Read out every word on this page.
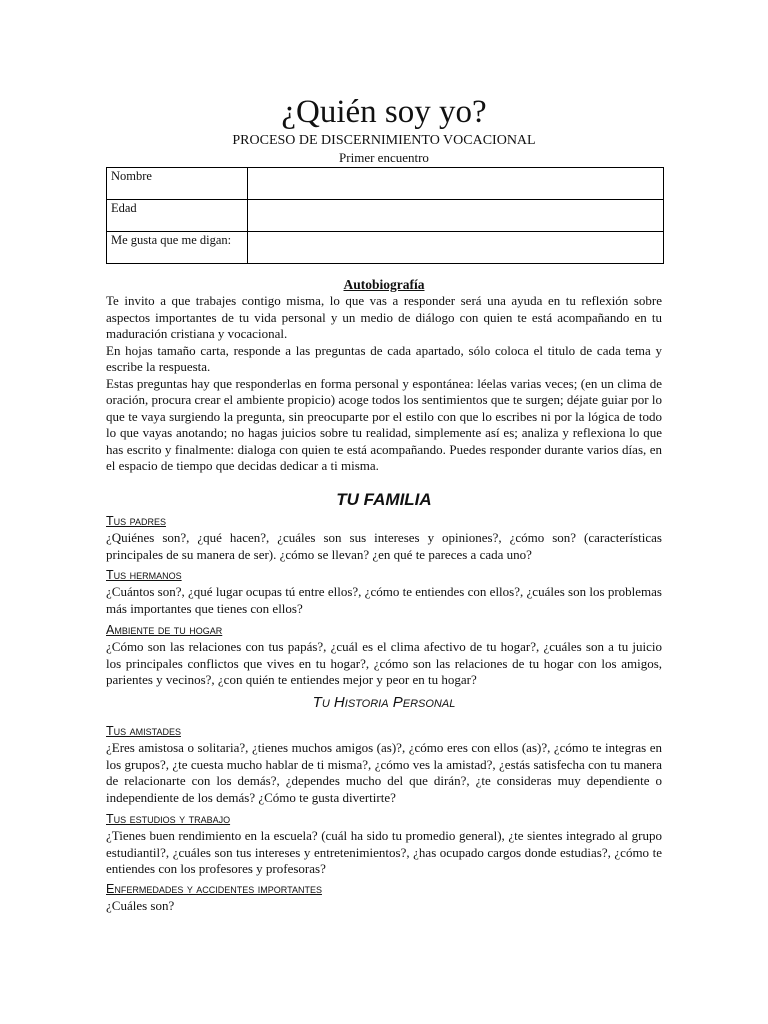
¿Quién soy yo?
PROCESO DE DISCERNIMIENTO VOCACIONAL
Primer encuentro
Nombre	
Edad	
Me gusta que me digan:	
Autobiografía

Te invito a que trabajes contigo misma, lo que vas a responder será una ayuda en tu reflexión sobre aspectos importantes de tu vida personal y un medio de diálogo con quien te está acompañando en tu maduración cristiana y vocacional.

En hojas tamaño carta, responde a las preguntas de cada apartado, sólo coloca el titulo de cada tema y escribe la respuesta.

Estas preguntas hay que responderlas en forma personal y espontánea: léelas varias veces; (en un clima de oración, procura crear el ambiente propicio) acoge todos los sentimientos que te surgen; déjate guiar por lo que te vaya surgiendo la pregunta, sin preocuparte por el estilo con que lo escribes ni por la lógica de todo lo que vayas anotando; no hagas juicios sobre tu realidad, simplemente así es; analiza y reflexiona lo que has escrito y finalmente: dialoga con quien te está acompañando. Puedes responder durante varios días, en el espacio de tiempo que decidas dedicar a ti misma.

TU FAMILIA
Tus padres

¿Quiénes son?, ¿qué hacen?, ¿cuáles son sus intereses y opiniones?, ¿cómo son? (características principales de su manera de ser). ¿cómo se llevan? ¿en qué te pareces a cada uno?

Tus hermanos

¿Cuántos son?, ¿qué lugar ocupas tú entre ellos?, ¿cómo te entiendes con ellos?, ¿cuáles son los problemas más importantes que tienes con ellos?

Ambiente de tu hogar

¿Cómo son las relaciones con tus papás?, ¿cuál es el clima afectivo de tu hogar?, ¿cuáles son a tu juicio los principales conflictos que vives en tu hogar?, ¿cómo son las relaciones de tu hogar con los amigos, parientes y vecinos?, ¿con quién te entiendes mejor y peor en tu hogar?

Tu Historia Personal
Tus amistades

¿Eres amistosa o solitaria?, ¿tienes muchos amigos (as)?, ¿cómo eres con ellos (as)?, ¿cómo te integras en los grupos?, ¿te cuesta mucho hablar de ti misma?, ¿cómo ves la amistad?, ¿estás satisfecha con tu manera de relacionarte con los demás?, ¿dependes mucho del que dirán?, ¿te consideras muy dependiente o independiente de los demás? ¿Cómo te gusta divertirte?

Tus estudios y trabajo

¿Tienes buen rendimiento en la escuela? (cuál ha sido tu promedio general), ¿te sientes integrado al grupo estudiantil?, ¿cuáles son tus intereses y entretenimientos?, ¿has ocupado cargos donde estudias?, ¿cómo te entiendes con los profesores y profesoras?

Enfermedades y accidentes importantes

¿Cuáles son?
